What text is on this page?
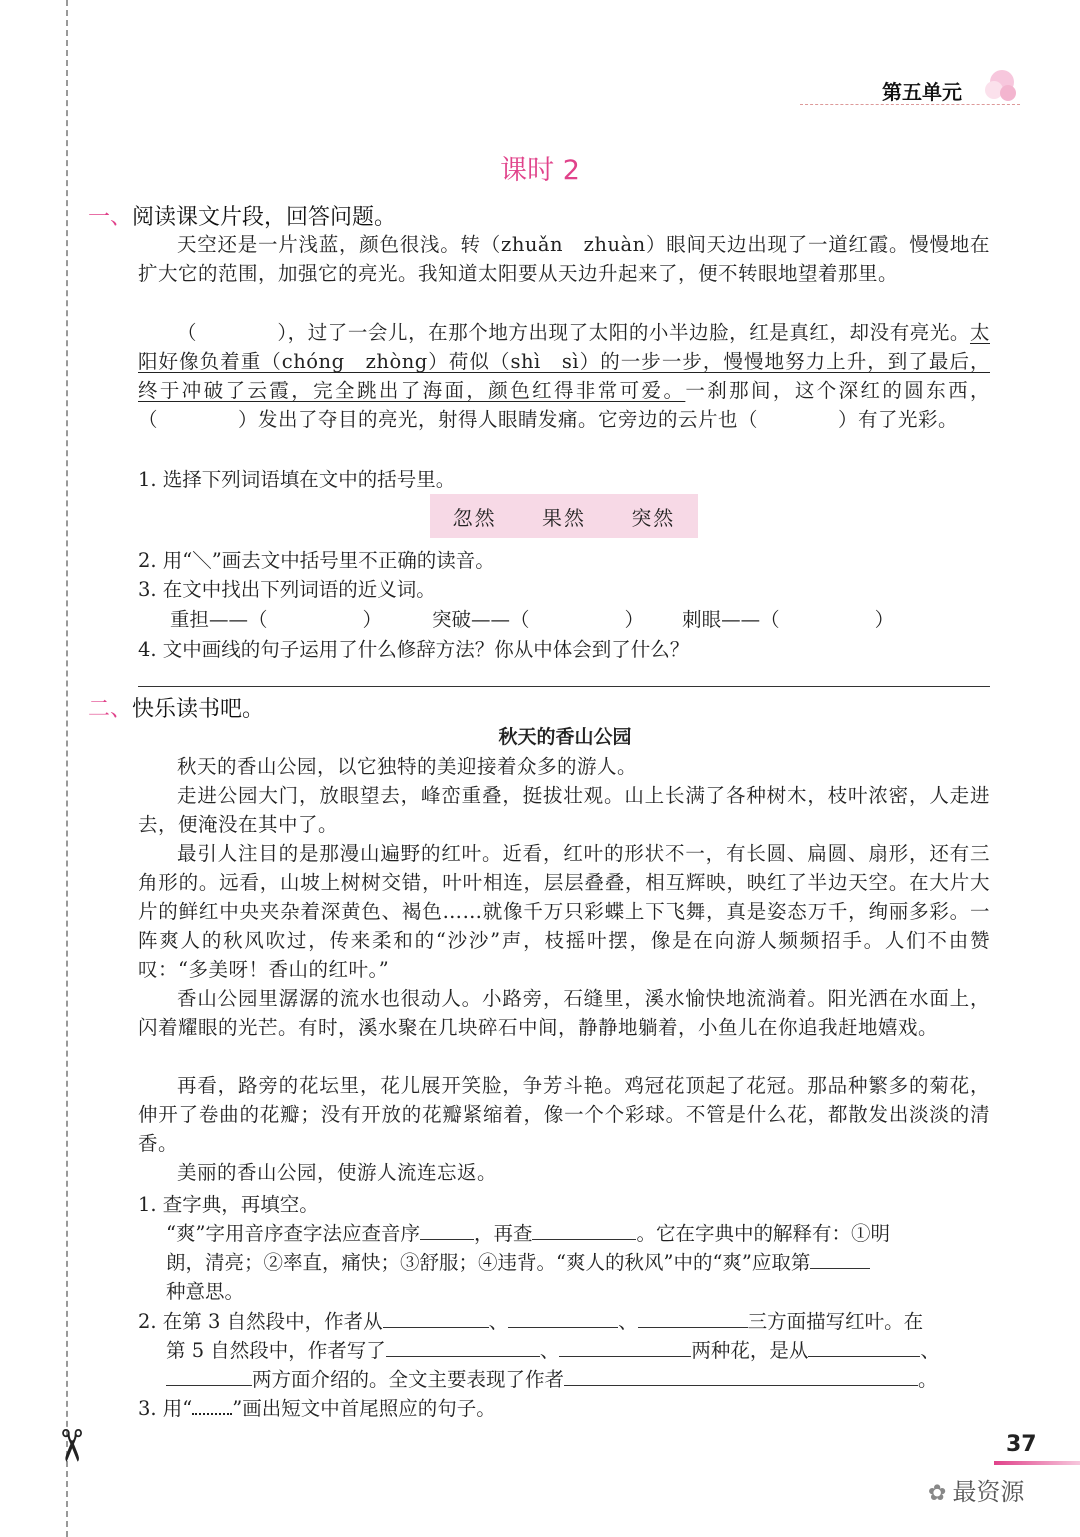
✂
第五单元
课时 2
一、阅读课文片段，回答问题。
天空还是一片浅蓝，颜色很浅。转（zhuǎn　zhuàn）眼间天边出现了一道红霞。慢慢地在扩大它的范围，加强它的亮光。我知道太阳要从天边升起来了，便不转眼地望着那里。
（　　　　），过了一会儿，在那个地方出现了太阳的小半边脸，红是真红，却没有亮光。太阳好像负着重（chóng　zhòng）荷似（shì　sì）的一步一步，慢慢地努力上升，到了最后，终于冲破了云霞，完全跳出了海面，颜色红得非常可爱。一刹那间，这个深红的圆东西，（　　　　）发出了夺目的亮光，射得人眼睛发痛。它旁边的云片也（　　　　）有了光彩。
1. 选择下列词语填在文中的括号里。
忽然 果然 突然
2. 用“＼”画去文中括号里不正确的读音。
3. 在文中找出下列词语的近义词。
重担——（	）	突破——（	） 刺眼——（	）
4. 文中画线的句子运用了什么修辞方法？你从中体会到了什么？
二、快乐读书吧。
秋天的香山公园
秋天的香山公园，以它独特的美迎接着众多的游人。
走进公园大门，放眼望去，峰峦重叠，挺拔壮观。山上长满了各种树木，枝叶浓密，人走进去，便淹没在其中了。
最引人注目的是那漫山遍野的红叶。近看，红叶的形状不一，有长圆、扁圆、扇形，还有三角形的。远看，山坡上树树交错，叶叶相连，层层叠叠，相互辉映，映红了半边天空。在大片大片的鲜红中央夹杂着深黄色、褐色……就像千万只彩蝶上下飞舞，真是姿态万千，绚丽多彩。一阵爽人的秋风吹过，传来柔和的“沙沙”声，枝摇叶摆，像是在向游人频频招手。人们不由赞叹：“多美呀！香山的红叶。”
香山公园里潺潺的流水也很动人。小路旁，石缝里，溪水愉快地流淌着。阳光洒在水面上，闪着耀眼的光芒。有时，溪水聚在几块碎石中间，静静地躺着，小鱼儿在你追我赶地嬉戏。
再看，路旁的花坛里，花儿展开笑脸，争芳斗艳。鸡冠花顶起了花冠。那品种繁多的菊花，伸开了卷曲的花瓣；没有开放的花瓣紧缩着，像一个个彩球。不管是什么花，都散发出淡淡的清香。
美丽的香山公园，使游人流连忘返。
1. 查字典，再填空。
“爽”字用音序查字法应查音序	，再查	。它在字典中的解释有：①明
朗，清亮；②率直，痛快；③舒服；④违背。“爽人的秋风”中的“爽”应取第
种意思。
2. 在第 3 自然段中，作者从	、	、	三方面描写红叶。在
第 5 自然段中，作者写了	、	两种花，是从	、
两方面介绍的。全文主要表现了作者	。
3. 用“ ”画出短文中首尾照应的句子。
37
✿ 最资源
